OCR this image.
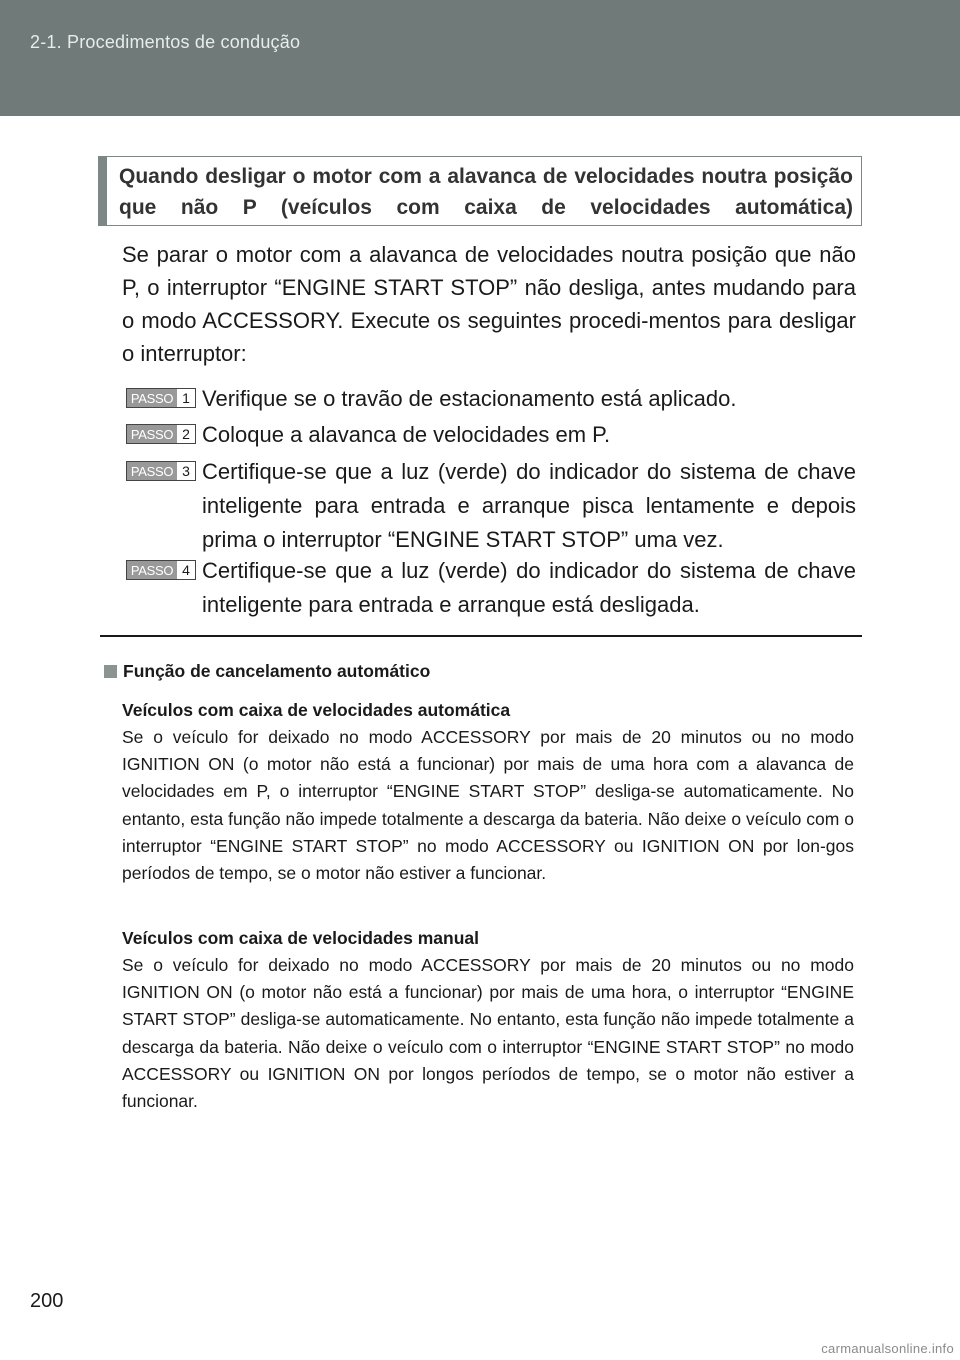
2-1. Procedimentos de condução
Quando desligar o motor com a alavanca de velocidades noutra posição que não P (veículos com caixa de velocidades automática)

Se parar o motor com a alavanca de velocidades noutra posição que não P, o interruptor “ENGINE START STOP” não desliga, antes mudando para o modo ACCESSORY. Execute os seguintes procedi-mentos para desligar o interruptor:

PASSO 1 Verifique se o travão de estacionamento está aplicado.
PASSO 2 Coloque a alavanca de velocidades em P.
PASSO 3 Certifique-se que a luz (verde) do indicador do sistema de chave inteligente para entrada e arranque pisca lentamente e depois prima o interruptor “ENGINE START STOP” uma vez.
PASSO 4 Certifique-se que a luz (verde) do indicador do sistema de chave inteligente para entrada e arranque está desligada.
Função de cancelamento automático
Veículos com caixa de velocidades automática

Se o veículo for deixado no modo ACCESSORY por mais de 20 minutos ou no modo IGNITION ON (o motor não está a funcionar) por mais de uma hora com a alavanca de velocidades em P, o interruptor “ENGINE START STOP” desliga-se automaticamente. No entanto, esta função não impede totalmente a descarga da bateria. Não deixe o veículo com o interruptor “ENGINE START STOP” no modo ACCESSORY ou IGNITION ON por lon-gos períodos de tempo, se o motor não estiver a funcionar.

Veículos com caixa de velocidades manual

Se o veículo for deixado no modo ACCESSORY por mais de 20 minutos ou no modo IGNITION ON (o motor não está a funcionar) por mais de uma hora, o interruptor “ENGINE START STOP” desliga-se automaticamente. No entanto, esta função não impede totalmente a descarga da bateria. Não deixe o veículo com o interruptor “ENGINE START STOP” no modo ACCESSORY ou IGNITION ON por longos períodos de tempo, se o motor não estiver a funcionar.

200
carmanualsonline.info
